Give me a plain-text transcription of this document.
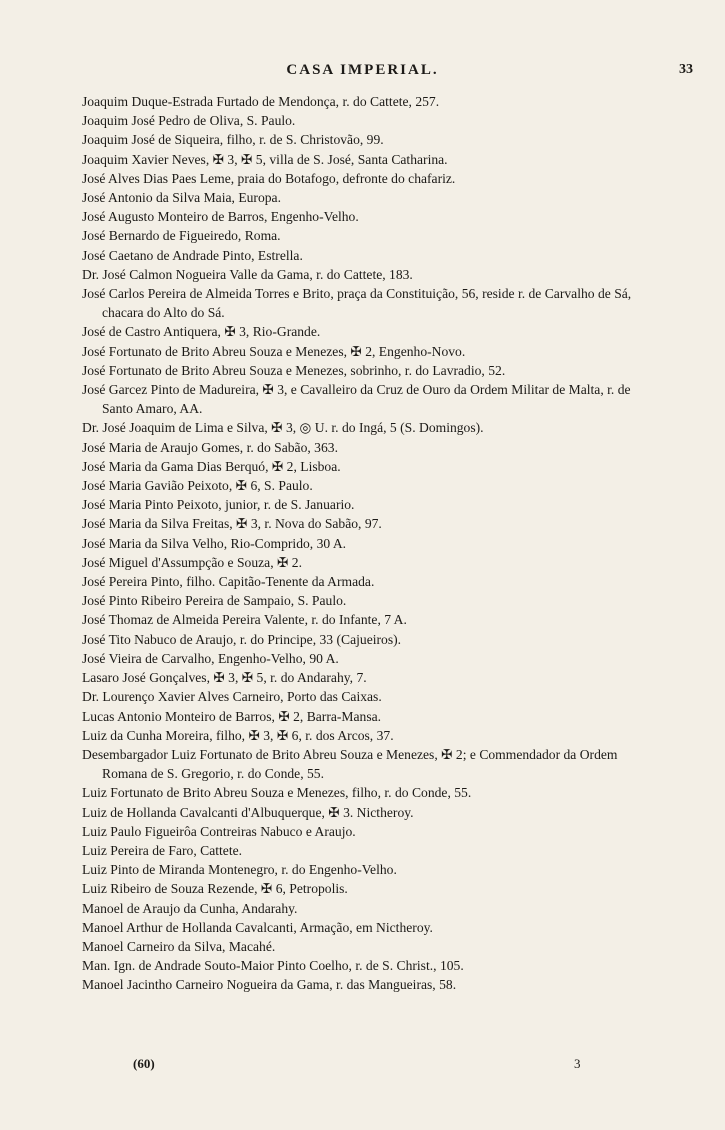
CASA IMPERIAL.	33

Joaquim Duque-Estrada Furtado de Mendonça, r. do Cattete, 257.

Joaquim José Pedro de Oliva, S. Paulo.

Joaquim José de Siqueira, filho, r. de S. Christovão, 99.

Joaquim Xavier Neves, ✠ 3, ✠ 5, villa de S. José, Santa Catharina.

José Alves Dias Paes Leme, praia do Botafogo, defronte do chafariz.

José Antonio da Silva Maia, Europa.

José Augusto Monteiro de Barros, Engenho-Velho.

José Bernardo de Figueiredo, Roma.

José Caetano de Andrade Pinto, Estrella.

Dr. José Calmon Nogueira Valle da Gama, r. do Cattete, 183.

José Carlos Pereira de Almeida Torres e Brito, praça da Constituição, 56, reside r. de Carvalho de Sá, chacara do Alto do Sá.

José de Castro Antiquera, ✠ 3, Rio-Grande.

José Fortunato de Brito Abreu Souza e Menezes, ✠ 2, Engenho-Novo.

José Fortunato de Brito Abreu Souza e Menezes, sobrinho, r. do Lavradio, 52.

José Garcez Pinto de Madureira, ✠ 3, e Cavalleiro da Cruz de Ouro da Ordem Militar de Malta, r. de Santo Amaro, AA.

Dr. José Joaquim de Lima e Silva, ✠ 3, ◎ U. r. do Ingá, 5 (S. Domingos).

José Maria de Araujo Gomes, r. do Sabão, 363.

José Maria da Gama Dias Berquó, ✠ 2, Lisboa.

José Maria Gavião Peixoto, ✠ 6, S. Paulo.

José Maria Pinto Peixoto, junior, r. de S. Januario.

José Maria da Silva Freitas, ✠ 3, r. Nova do Sabão, 97.

José Maria da Silva Velho, Rio-Comprido, 30 A.

José Miguel d'Assumpção e Souza, ✠ 2.

José Pereira Pinto, filho. Capitão-Tenente da Armada.

José Pinto Ribeiro Pereira de Sampaio, S. Paulo.

José Thomaz de Almeida Pereira Valente, r. do Infante, 7 A.

José Tito Nabuco de Araujo, r. do Principe, 33 (Cajueiros).

José Vieira de Carvalho, Engenho-Velho, 90 A.

Lasaro José Gonçalves, ✠ 3, ✠ 5, r. do Andarahy, 7.

Dr. Lourenço Xavier Alves Carneiro, Porto das Caixas.

Lucas Antonio Monteiro de Barros, ✠ 2, Barra-Mansa.

Luiz da Cunha Moreira, filho, ✠ 3, ✠ 6, r. dos Arcos, 37.

Desembargador Luiz Fortunato de Brito Abreu Souza e Menezes, ✠ 2; e Commendador da Ordem Romana de S. Gregorio, r. do Conde, 55.

Luiz Fortunato de Brito Abreu Souza e Menezes, filho, r. do Conde, 55.

Luiz de Hollanda Cavalcanti d'Albuquerque, ✠ 3. Nictheroy.

Luiz Paulo Figueirôa Contreiras Nabuco e Araujo.

Luiz Pereira de Faro, Cattete.

Luiz Pinto de Miranda Montenegro, r. do Engenho-Velho.

Luiz Ribeiro de Souza Rezende, ✠ 6, Petropolis.

Manoel de Araujo da Cunha, Andarahy.

Manoel Arthur de Hollanda Cavalcanti, Armação, em Nictheroy.

Manoel Carneiro da Silva, Macahé.

Man. Ign. de Andrade Souto-Maior Pinto Coelho, r. de S. Christ., 105.

Manoel Jacintho Carneiro Nogueira da Gama, r. das Mangueiras, 58.

(60)	3
